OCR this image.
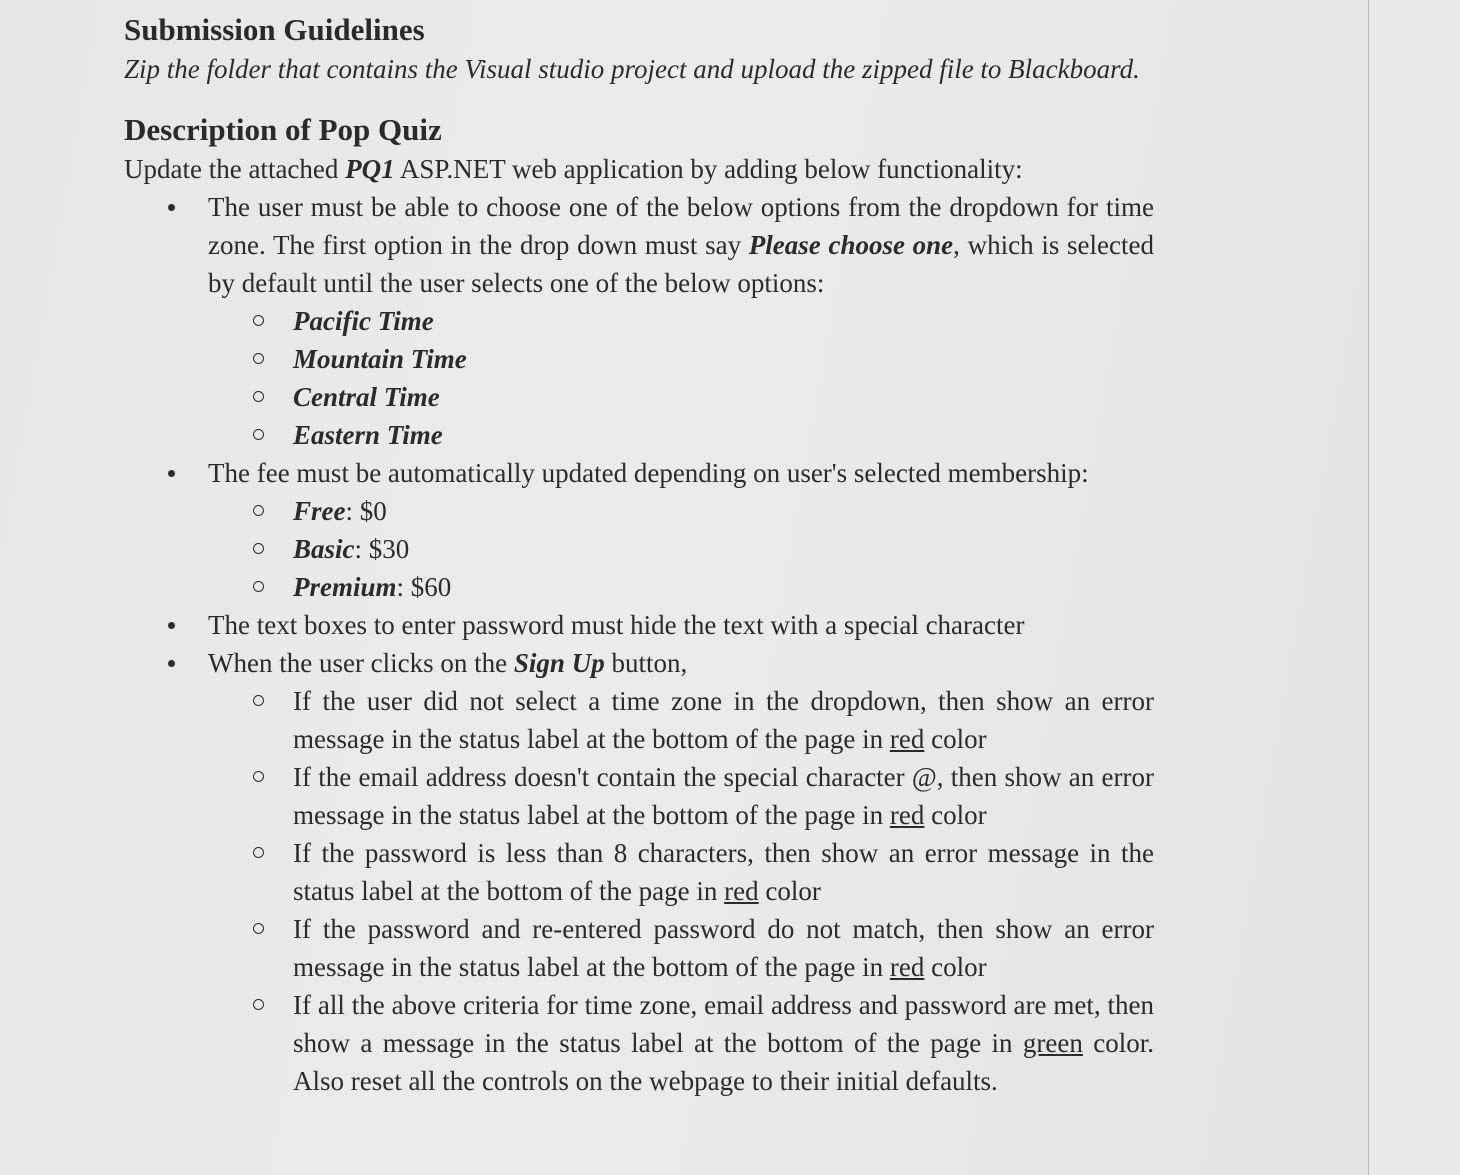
Submission Guidelines

Zip the folder that contains the Visual studio project and upload the zipped file to Blackboard.

Description of Pop Quiz

Update the attached PQ1 ASP.NET web application by adding below functionality:

The user must be able to choose one of the below options from the dropdown for time zone. The first option in the drop down must say Please choose one, which is selected by default until the user selects one of the below options:
Pacific Time
Mountain Time
Central Time
Eastern Time
The fee must be automatically updated depending on user's selected membership:
Free: $0
Basic: $30
Premium: $60
The text boxes to enter password must hide the text with a special character
When the user clicks on the Sign Up button,
If the user did not select a time zone in the dropdown, then show an error message in the status label at the bottom of the page in red color
If the email address doesn't contain the special character @, then show an error message in the status label at the bottom of the page in red color
If the password is less than 8 characters, then show an error message in the status label at the bottom of the page in red color
If the password and re-entered password do not match, then show an error message in the status label at the bottom of the page in red color
If all the above criteria for time zone, email address and password are met, then show a message in the status label at the bottom of the page in green color. Also reset all the controls on the webpage to their initial defaults.
